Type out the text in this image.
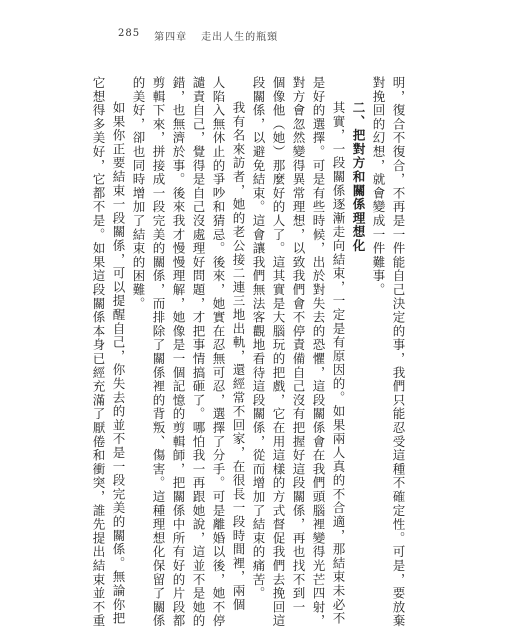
285 第四章 走出人生的瓶頸
明，復合不復合，不再是一件能自己決定的事，我們只能忍受這種不確定性。可是，要放棄
對挽回的幻想，就會變成一件難事。
二、把對方和關係理想化
其實，一段關係逐漸走向結束，一定是有原因的。如果兩人真的不合適，那結束未必不
是好的選擇。可是有些時候，出於對失去的恐懼，這段關係會在我們頭腦裡變得光芒四射，
對方會忽然變得異常理想，以致我們會不停責備自己沒有把握好這段關係，再也找不到一
個像他（她）那麼好的人了。這其實是大腦玩的把戲，它在用這樣的方式督促我們去挽回這
段關係，以避免結束。這會讓我們無法客觀地看待這段關係，從而增加了結束的痛苦。
我有名來訪者，她的老公接二連三地出軌，還經常不回家，在很長一段時間裡，兩個
人陷入無休止的爭吵和猜忌。後來，她實在忍無可忍，選擇了分手。可是離婚以後，她不停
譴責自己，覺得是自己沒處理好問題，才把事情搞砸了。哪怕我一再跟她說，這並不是她的
錯，也無濟於事。後來我才慢慢理解，她像是一個記憶的剪輯師，把關係中所有好的片段都
剪輯下來，拼接成一段完美的關係，而排除了關係裡的背叛、傷害。這種理想化保留了關係
的美好，卻也同時增加了結束的困難。
如果你正要結束一段關係，可以提醒自己，你失去的並不是一段完美的關係。無論你把
它想得多美好，它都不是。如果這段關係本身已經充滿了厭倦和衝突，誰先提出結束並不重
